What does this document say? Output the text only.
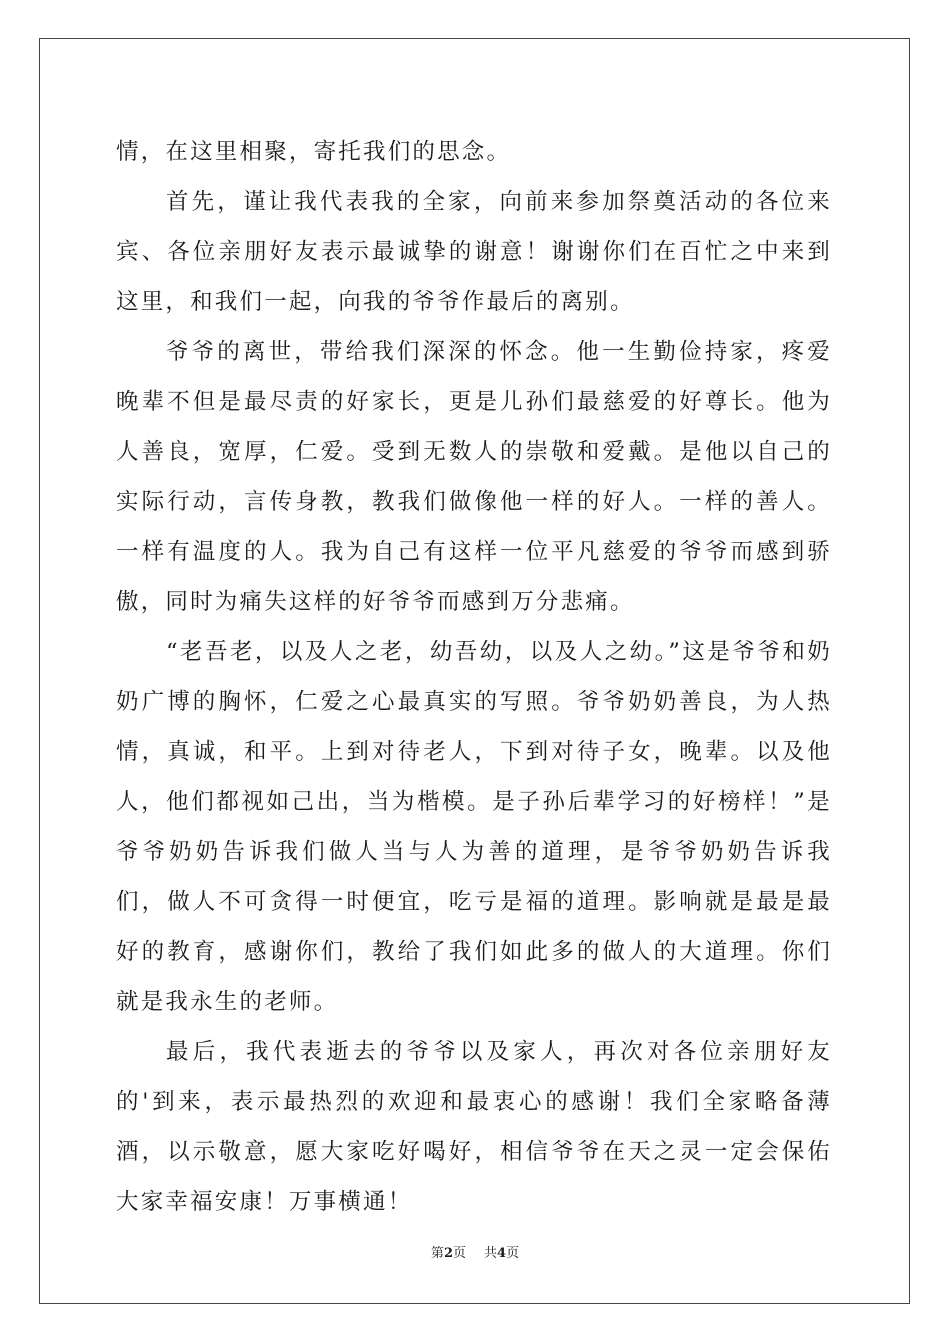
情，在这里相聚，寄托我们的思念。

首先，谨让我代表我的全家，向前来参加祭奠活动的各位来宾、各位亲朋好友表示最诚挚的谢意！谢谢你们在百忙之中来到这里，和我们一起，向我的爷爷作最后的离别。

爷爷的离世，带给我们深深的怀念。他一生勤俭持家，疼爱晚辈不但是最尽责的好家长，更是儿孙们最慈爱的好尊长。他为人善良，宽厚，仁爱。受到无数人的崇敬和爱戴。是他以自己的实际行动，言传身教，教我们做像他一样的好人。一样的善人。一样有温度的人。我为自己有这样一位平凡慈爱的爷爷而感到骄傲，同时为痛失这样的好爷爷而感到万分悲痛。

“老吾老，以及人之老，幼吾幼，以及人之幼。”这是爷爷和奶奶广博的胸怀，仁爱之心最真实的写照。爷爷奶奶善良，为人热情，真诚，和平。上到对待老人，下到对待子女，晚辈。以及他人，他们都视如己出，当为楷模。是子孙后辈学习的好榜样！”是爷爷奶奶告诉我们做人当与人为善的道理，是爷爷奶奶告诉我们，做人不可贪得一时便宜，吃亏是福的道理。影响就是最是最好的教育，感谢你们，教给了我们如此多的做人的大道理。你们就是我永生的老师。

最后，我代表逝去的爷爷以及家人，再次对各位亲朋好友的'到来，表示最热烈的欢迎和最衷心的感谢！我们全家略备薄酒，以示敬意，愿大家吃好喝好，相信爷爷在天之灵一定会保佑大家幸福安康！万事横通！

第2页 共4页
